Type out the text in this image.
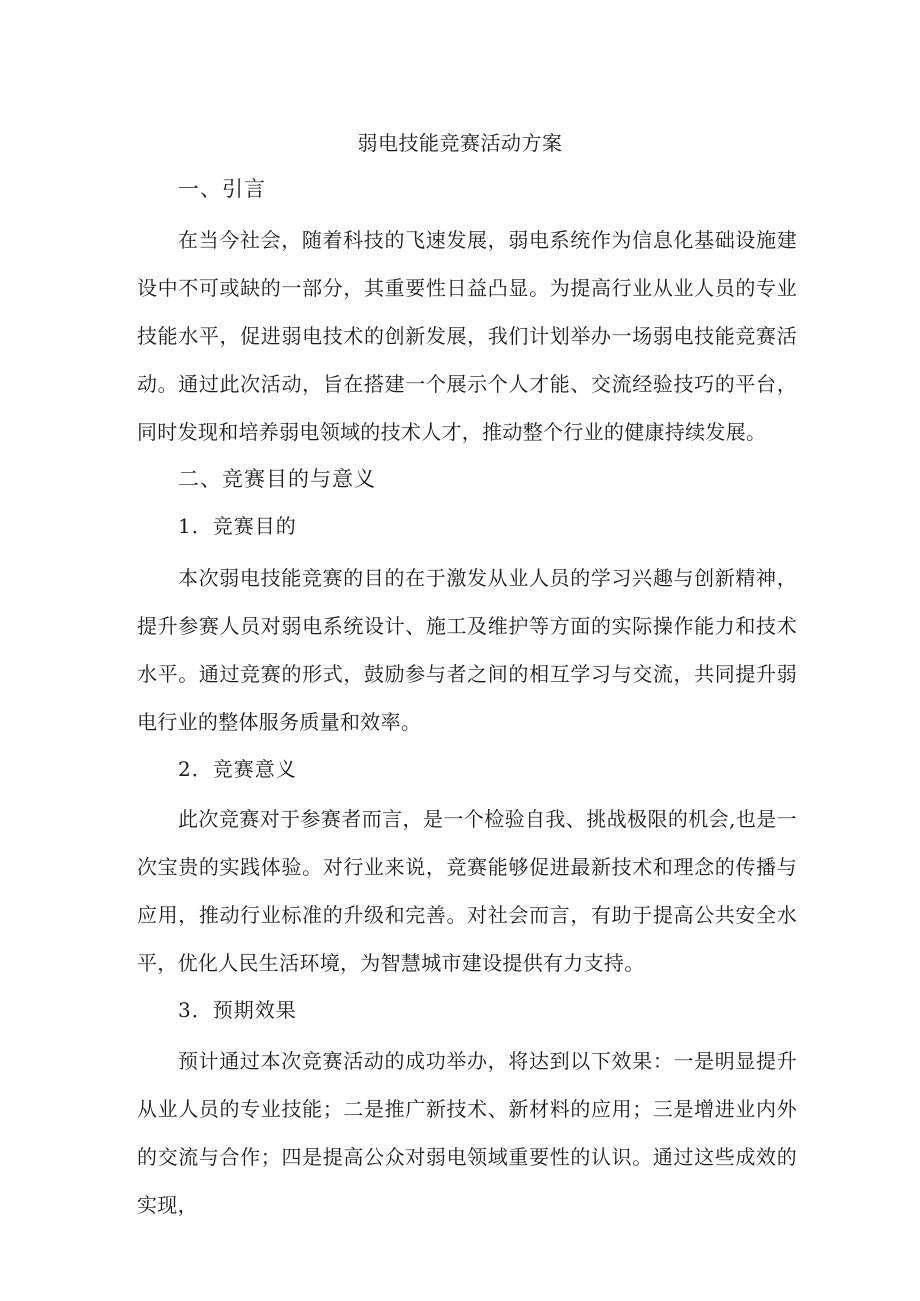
弱电技能竞赛活动方案
一、引言
在当今社会，随着科技的飞速发展，弱电系统作为信息化基础设施建设中不可或缺的一部分，其重要性日益凸显。为提高行业从业人员的专业技能水平，促进弱电技术的创新发展，我们计划举办一场弱电技能竞赛活动。通过此次活动，旨在搭建一个展示个人才能、交流经验技巧的平台，同时发现和培养弱电领域的技术人才，推动整个行业的健康持续发展。
二、竞赛目的与意义
1．竞赛目的
本次弱电技能竞赛的目的在于激发从业人员的学习兴趣与创新精神，提升参赛人员对弱电系统设计、施工及维护等方面的实际操作能力和技术水平。通过竞赛的形式，鼓励参与者之间的相互学习与交流，共同提升弱电行业的整体服务质量和效率。
2．竞赛意义
此次竞赛对于参赛者而言，是一个检验自我、挑战极限的机会,也是一次宝贵的实践体验。对行业来说，竞赛能够促进最新技术和理念的传播与应用，推动行业标准的升级和完善。对社会而言，有助于提高公共安全水平，优化人民生活环境，为智慧城市建设提供有力支持。
3．预期效果
预计通过本次竞赛活动的成功举办，将达到以下效果：一是明显提升从业人员的专业技能；二是推广新技术、新材料的应用；三是增进业内外的交流与合作；四是提高公众对弱电领域重要性的认识。通过这些成效的实现，
